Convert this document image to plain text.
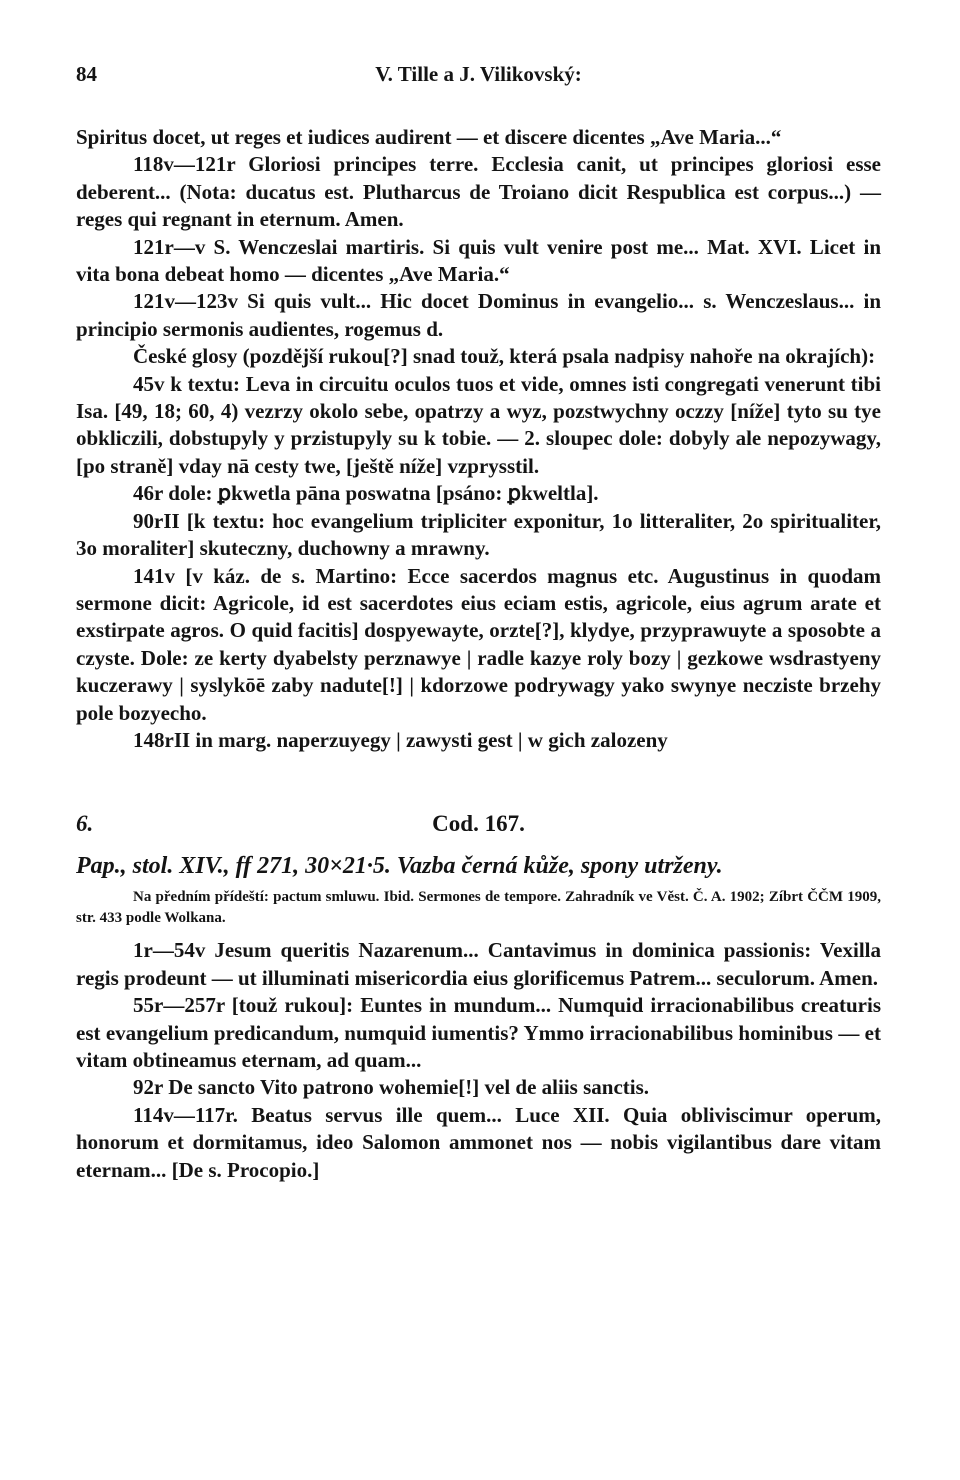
84	V. Tille a J. Vilikovský:

Spiritus docet, ut reges et iudices audirent — et discere dicentes „Ave Maria...“

118v—121r Gloriosi principes terre. Ecclesia canit, ut principes gloriosi esse deberent... (Nota: ducatus est. Plutharcus de Troiano dicit Respublica est corpus...) — reges qui regnant in eternum. Amen.

121r—v S. Wenczeslai martiris. Si quis vult venire post me... Mat. XVI. Licet in vita bona debeat homo — dicentes „Ave Maria.“

121v—123v Si quis vult... Hic docet Dominus in evangelio... s. Wenczeslaus... in principio sermonis audientes, rogemus d.

České glosy (pozdější rukou[?] snad touž, která psala nadpisy nahoře na okrajích):

45v k textu: Leva in circuitu oculos tuos et vide, omnes isti congregati venerunt tibi Isa. [49, 18; 60, 4) vezrzy okolo sebe, opatrzy a wyz, pozstwychny oczzy [níže] tyto su tye obkliczili, dobstupyly y przistupyly su k tobie. — 2. sloupec dole: dobyly ale nepozywagy, [po straně] vday nā cesty twe, [ještě níže] vzprysstil.

46r dole: ꝑkwetla pāna poswatna [psáno: ꝑkweltla].

90rII [k textu: hoc evangelium tripliciter exponitur, 1o litteraliter, 2o spiritualiter, 3o moraliter] skuteczny, duchowny a mrawny.

141v [v káz. de s. Martino: Ecce sacerdos magnus etc. Augustinus in quodam sermone dicit: Agricole, id est sacerdotes eius eciam estis, agricole, eius agrum arate et exstirpate agros. O quid facitis] dospyewayte, orzte[?], klydye, przyprawuyte a sposobte a czyste. Dole: ze kerty dyabelsty perznawye | radle kazye roly bozy | gezkowe wsdrastyeny kuczerawy | syslykōē zaby nadute[!] | kdorzowe podrywagy yako swynye necziste brzehy pole bozyecho.

148rII in marg. naperzuyegy | zawysti gest | w gich zalozeny

6.	Cod. 167.

Pap., stol. XIV., ff 271, 30×21·5. Vazba černá kůže, spony utrženy.

Na předním přídeští: pactum smluwu. Ibid. Sermones de tempore. Zahradník ve Věst. Č. A. 1902; Zíbrt ČČM 1909, str. 433 podle Wolkana.

1r—54v Jesum queritis Nazarenum... Cantavimus in dominica passionis: Vexilla regis prodeunt — ut illuminati misericordia eius glorificemus Patrem... seculorum. Amen.

55r—257r [touž rukou]: Euntes in mundum... Numquid irracionabilibus creaturis est evangelium predicandum, numquid iumentis? Ymmo irracionabilibus hominibus — et vitam obtineamus eternam, ad quam...

92r De sancto Vito patrono wohemie[!] vel de aliis sanctis.

114v—117r. Beatus servus ille quem... Luce XII. Quia obliviscimur operum, honorum et dormitamus, ideo Salomon ammonet nos — nobis vigilantibus dare vitam eternam... [De s. Procopio.]
